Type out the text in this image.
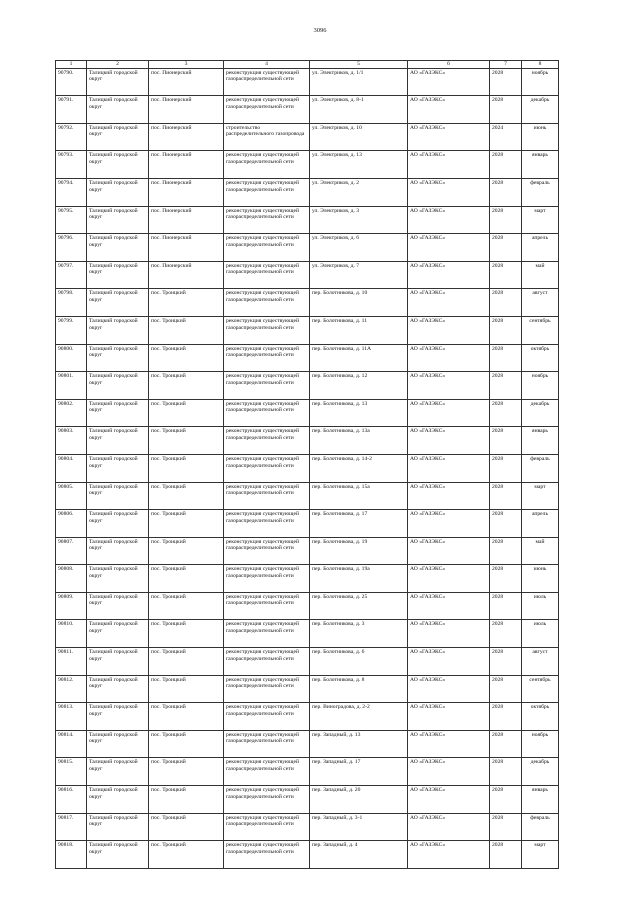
3096
1	2	3	4	5	6	7	8
90790.	Талицкий городской округ	пос. Пионерский	реконструкция существующей газораспределительной сети	ул. Электриков, д. 1/1	АО «ГАЗЭКС»	2028	ноябрь
90791.	Талицкий городской округ	пос. Пионерский	реконструкция существующей газораспределительной сети	ул. Электриков, д. 8-1	АО «ГАЗЭКС»	2028	декабрь
90792.	Талицкий городской округ	пос. Пионерский	строительство распределительного газопровода	ул. Электриков, д. 10	АО «ГАЗЭКС»	2024	июнь
90793.	Талицкий городской округ	пос. Пионерский	реконструкция существующей газораспределительной сети	ул. Электриков, д. 13	АО «ГАЗЭКС»	2028	январь
90794.	Талицкий городской округ	пос. Пионерский	реконструкция существующей газораспределительной сети	ул. Электриков, д. 2	АО «ГАЗЭКС»	2028	февраль
90795.	Талицкий городской округ	пос. Пионерский	реконструкция существующей газораспределительной сети	ул. Электриков, д. 3	АО «ГАЗЭКС»	2028	март
90796.	Талицкий городской округ	пос. Пионерский	реконструкция существующей газораспределительной сети	ул. Электриков, д. 6	АО «ГАЗЭКС»	2028	апрель
90797.	Талицкий городской округ	пос. Пионерский	реконструкция существующей газораспределительной сети	ул. Электриков, д. 7	АО «ГАЗЭКС»	2028	май
90798.	Талицкий городской округ	пос. Троицкий	реконструкция существующей газораспределительной сети	пер. Болотникова, д. 10	АО «ГАЗЭКС»	2028	август
90799.	Талицкий городской округ	пос. Троицкий	реконструкция существующей газораспределительной сети	пер. Болотникова, д. 11	АО «ГАЗЭКС»	2028	сентябрь
90800.	Талицкий городской округ	пос. Троицкий	реконструкция существующей газораспределительной сети	пер. Болотникова, д. 11А	АО «ГАЗЭКС»	2028	октябрь
90801.	Талицкий городской округ	пос. Троицкий	реконструкция существующей газораспределительной сети	пер. Болотникова, д. 12	АО «ГАЗЭКС»	2028	ноябрь
90802.	Талицкий городской округ	пос. Троицкий	реконструкция существующей газораспределительной сети	пер. Болотникова, д. 13	АО «ГАЗЭКС»	2028	декабрь
90803.	Талицкий городской округ	пос. Троицкий	реконструкция существующей газораспределительной сети	пер. Болотникова, д. 13а	АО «ГАЗЭКС»	2028	январь
90804.	Талицкий городской округ	пос. Троицкий	реконструкция существующей газораспределительной сети	пер. Болотникова, д. 14-2	АО «ГАЗЭКС»	2028	февраль
90805.	Талицкий городской округ	пос. Троицкий	реконструкция существующей газораспределительной сети	пер. Болотникова, д. 15а	АО «ГАЗЭКС»	2028	март
90806.	Талицкий городской округ	пос. Троицкий	реконструкция существующей газораспределительной сети	пер. Болотникова, д. 17	АО «ГАЗЭКС»	2028	апрель
90807.	Талицкий городской округ	пос. Троицкий	реконструкция существующей газораспределительной сети	пер. Болотникова, д. 19	АО «ГАЗЭКС»	2028	май
90808.	Талицкий городской округ	пос. Троицкий	реконструкция существующей газораспределительной сети	пер. Болотникова, д. 19а	АО «ГАЗЭКС»	2028	июнь
90809.	Талицкий городской округ	пос. Троицкий	реконструкция существующей газораспределительной сети	пер. Болотникова, д. 25	АО «ГАЗЭКС»	2028	июль
90810.	Талицкий городской округ	пос. Троицкий	реконструкция существующей газораспределительной сети	пер. Болотникова, д. 3	АО «ГАЗЭКС»	2028	июль
90811.	Талицкий городской округ	пос. Троицкий	реконструкция существующей газораспределительной сети	пер. Болотникова, д. 6	АО «ГАЗЭКС»	2028	август
90812.	Талицкий городской округ	пос. Троицкий	реконструкция существующей газораспределительной сети	пер. Болотникова, д. 8	АО «ГАЗЭКС»	2028	сентябрь
90813.	Талицкий городской округ	пос. Троицкий	реконструкция существующей газораспределительной сети	пер. Виноградова, д. 2-2	АО «ГАЗЭКС»	2028	октябрь
90814.	Талицкий городской округ	пос. Троицкий	реконструкция существующей газораспределительной сети	пер. Западный, д. 13	АО «ГАЗЭКС»	2028	ноябрь
90815.	Талицкий городской округ	пос. Троицкий	реконструкция существующей газораспределительной сети	пер. Западный, д. 17	АО «ГАЗЭКС»	2028	декабрь
90816.	Талицкий городской округ	пос. Троицкий	реконструкция существующей газораспределительной сети	пер. Западный, д. 20	АО «ГАЗЭКС»	2028	январь
90817.	Талицкий городской округ	пос. Троицкий	реконструкция существующей газораспределительной сети	пер. Западный, д. 3-1	АО «ГАЗЭКС»	2028	февраль
90818.	Талицкий городской округ	пос. Троицкий	реконструкция существующей газораспределительной сети	пер. Западный, д. 4	АО «ГАЗЭКС»	2028	март
